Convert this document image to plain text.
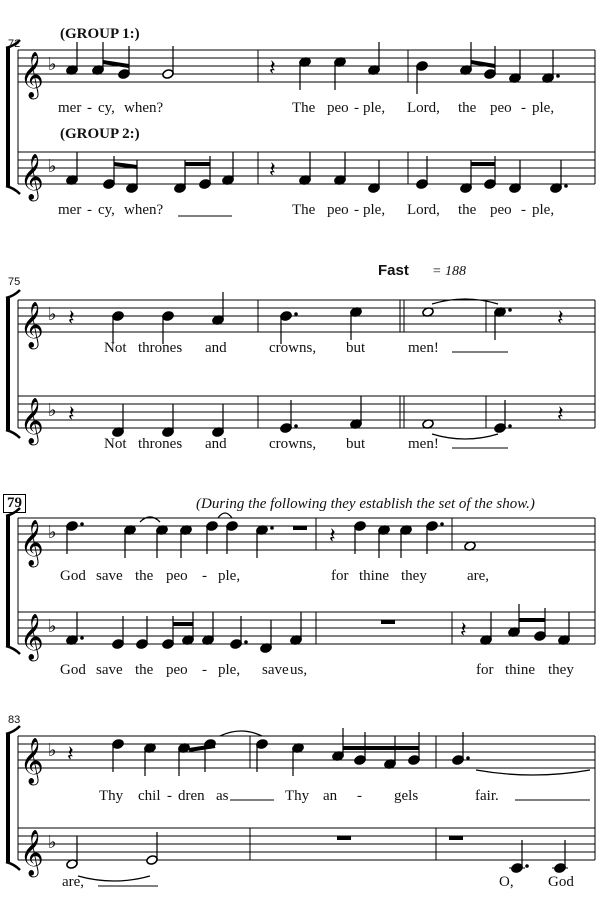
𝄞 ♭
𝄞 ♭
𝄽
𝄽
𝄞 ♭
𝄞 ♭
𝄽	𝄽
𝄽	𝄽
𝄞 ♭
𝄞 ♭
𝄽
𝄽
𝄞 ♭
𝄞 ♭
𝄽
(GROUP 1:)
(GROUP 2:)
72
75
79
83
(During the following they establish the set of the show.)
Fast = 188
mer - cy, when?	The peo - ple, Lord, the peo - ple,
mer - cy, when?	The peo - ple, Lord, the peo - ple,
Not thrones and	crowns, but	men!
Not thrones and	crowns, but	men!
God save the peo - ple,	for thine they	are,
God save the peo - ple, save us,	for thine they
Thy chil - dren as	Thy an - gels	fair.
are,	O, God
